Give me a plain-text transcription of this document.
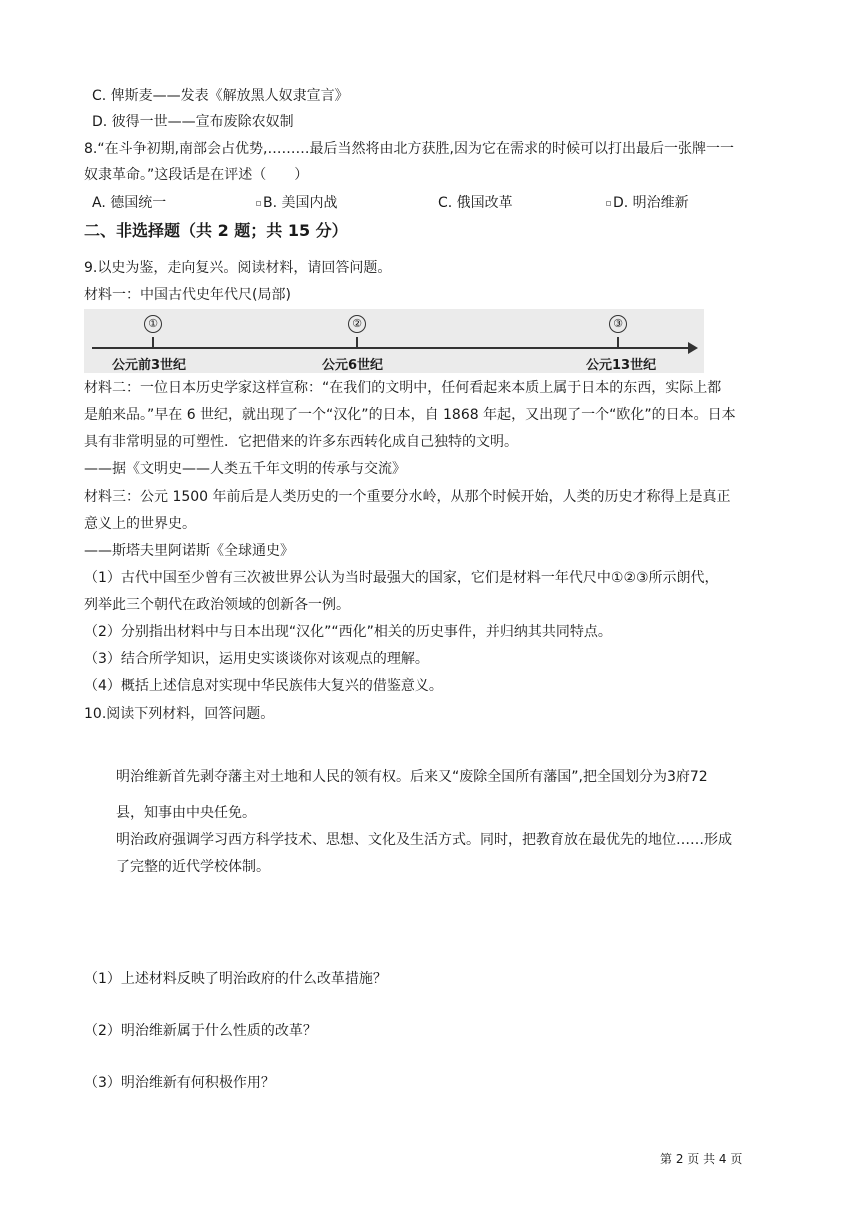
C. 俾斯麦——发表《解放黑人奴隶宣言》
D. 彼得一世——宣布废除农奴制
8.“在斗争初期,南部会占优势,………最后当然将由北方获胜,因为它在需求的时候可以打出最后一张牌一一
奴隶革命。”这段话是在评述（　　）
A. 德国统一	B. 美国内战	C. 俄国改革	D. 明治维新
二、非选择题（共 2 题；共 15 分）
9.以史为鉴，走向复兴。阅读材料，请回答问题。
材料一：中国古代史年代尺(局部)
①	②	③
公元前3世纪	公元6世纪	公元13世纪
材料二：一位日本历史学家这样宣称：“在我们的文明中，任何看起来本质上属于日本的东西，实际上都
是舶来品。”早在 6 世纪，就出现了一个“汉化”的日本，自 1868 年起，又出现了一个“欧化”的日本。日本
具有非常明显的可塑性．它把借来的许多东西转化成自己独特的文明。
——据《文明史——人类五千年文明的传承与交流》
材料三：公元 1500 年前后是人类历史的一个重要分水岭，从那个时候开始，人类的历史才称得上是真正
意义上的世界史。
——斯塔夫里阿诺斯《全球通史》
（1）古代中国至少曾有三次被世界公认为当时最强大的国家，它们是材料一年代尺中①②③所示朗代，
列举此三个朝代在政治领域的创新各一例。
（2）分别指出材料中与日本出现“汉化”“西化”相关的历史事件，并归纳其共同特点。
（3）结合所学知识，运用史实谈谈你对该观点的理解。
（4）概括上述信息对实现中华民族伟大复兴的借鉴意义。
10.阅读下列材料，回答问题。
明治维新首先剥夺藩主对土地和人民的领有权。后来又“废除全国所有藩国”,把全国划分为3府72
县，知事由中央任免。
明治政府强调学习西方科学技术、思想、文化及生活方式。同时，把教育放在最优先的地位……形成
了完整的近代学校体制。
（1）上述材料反映了明治政府的什么改革措施？
（2）明治维新属于什么性质的改革？
（3）明治维新有何积极作用？
第 2 页 共 4 页
